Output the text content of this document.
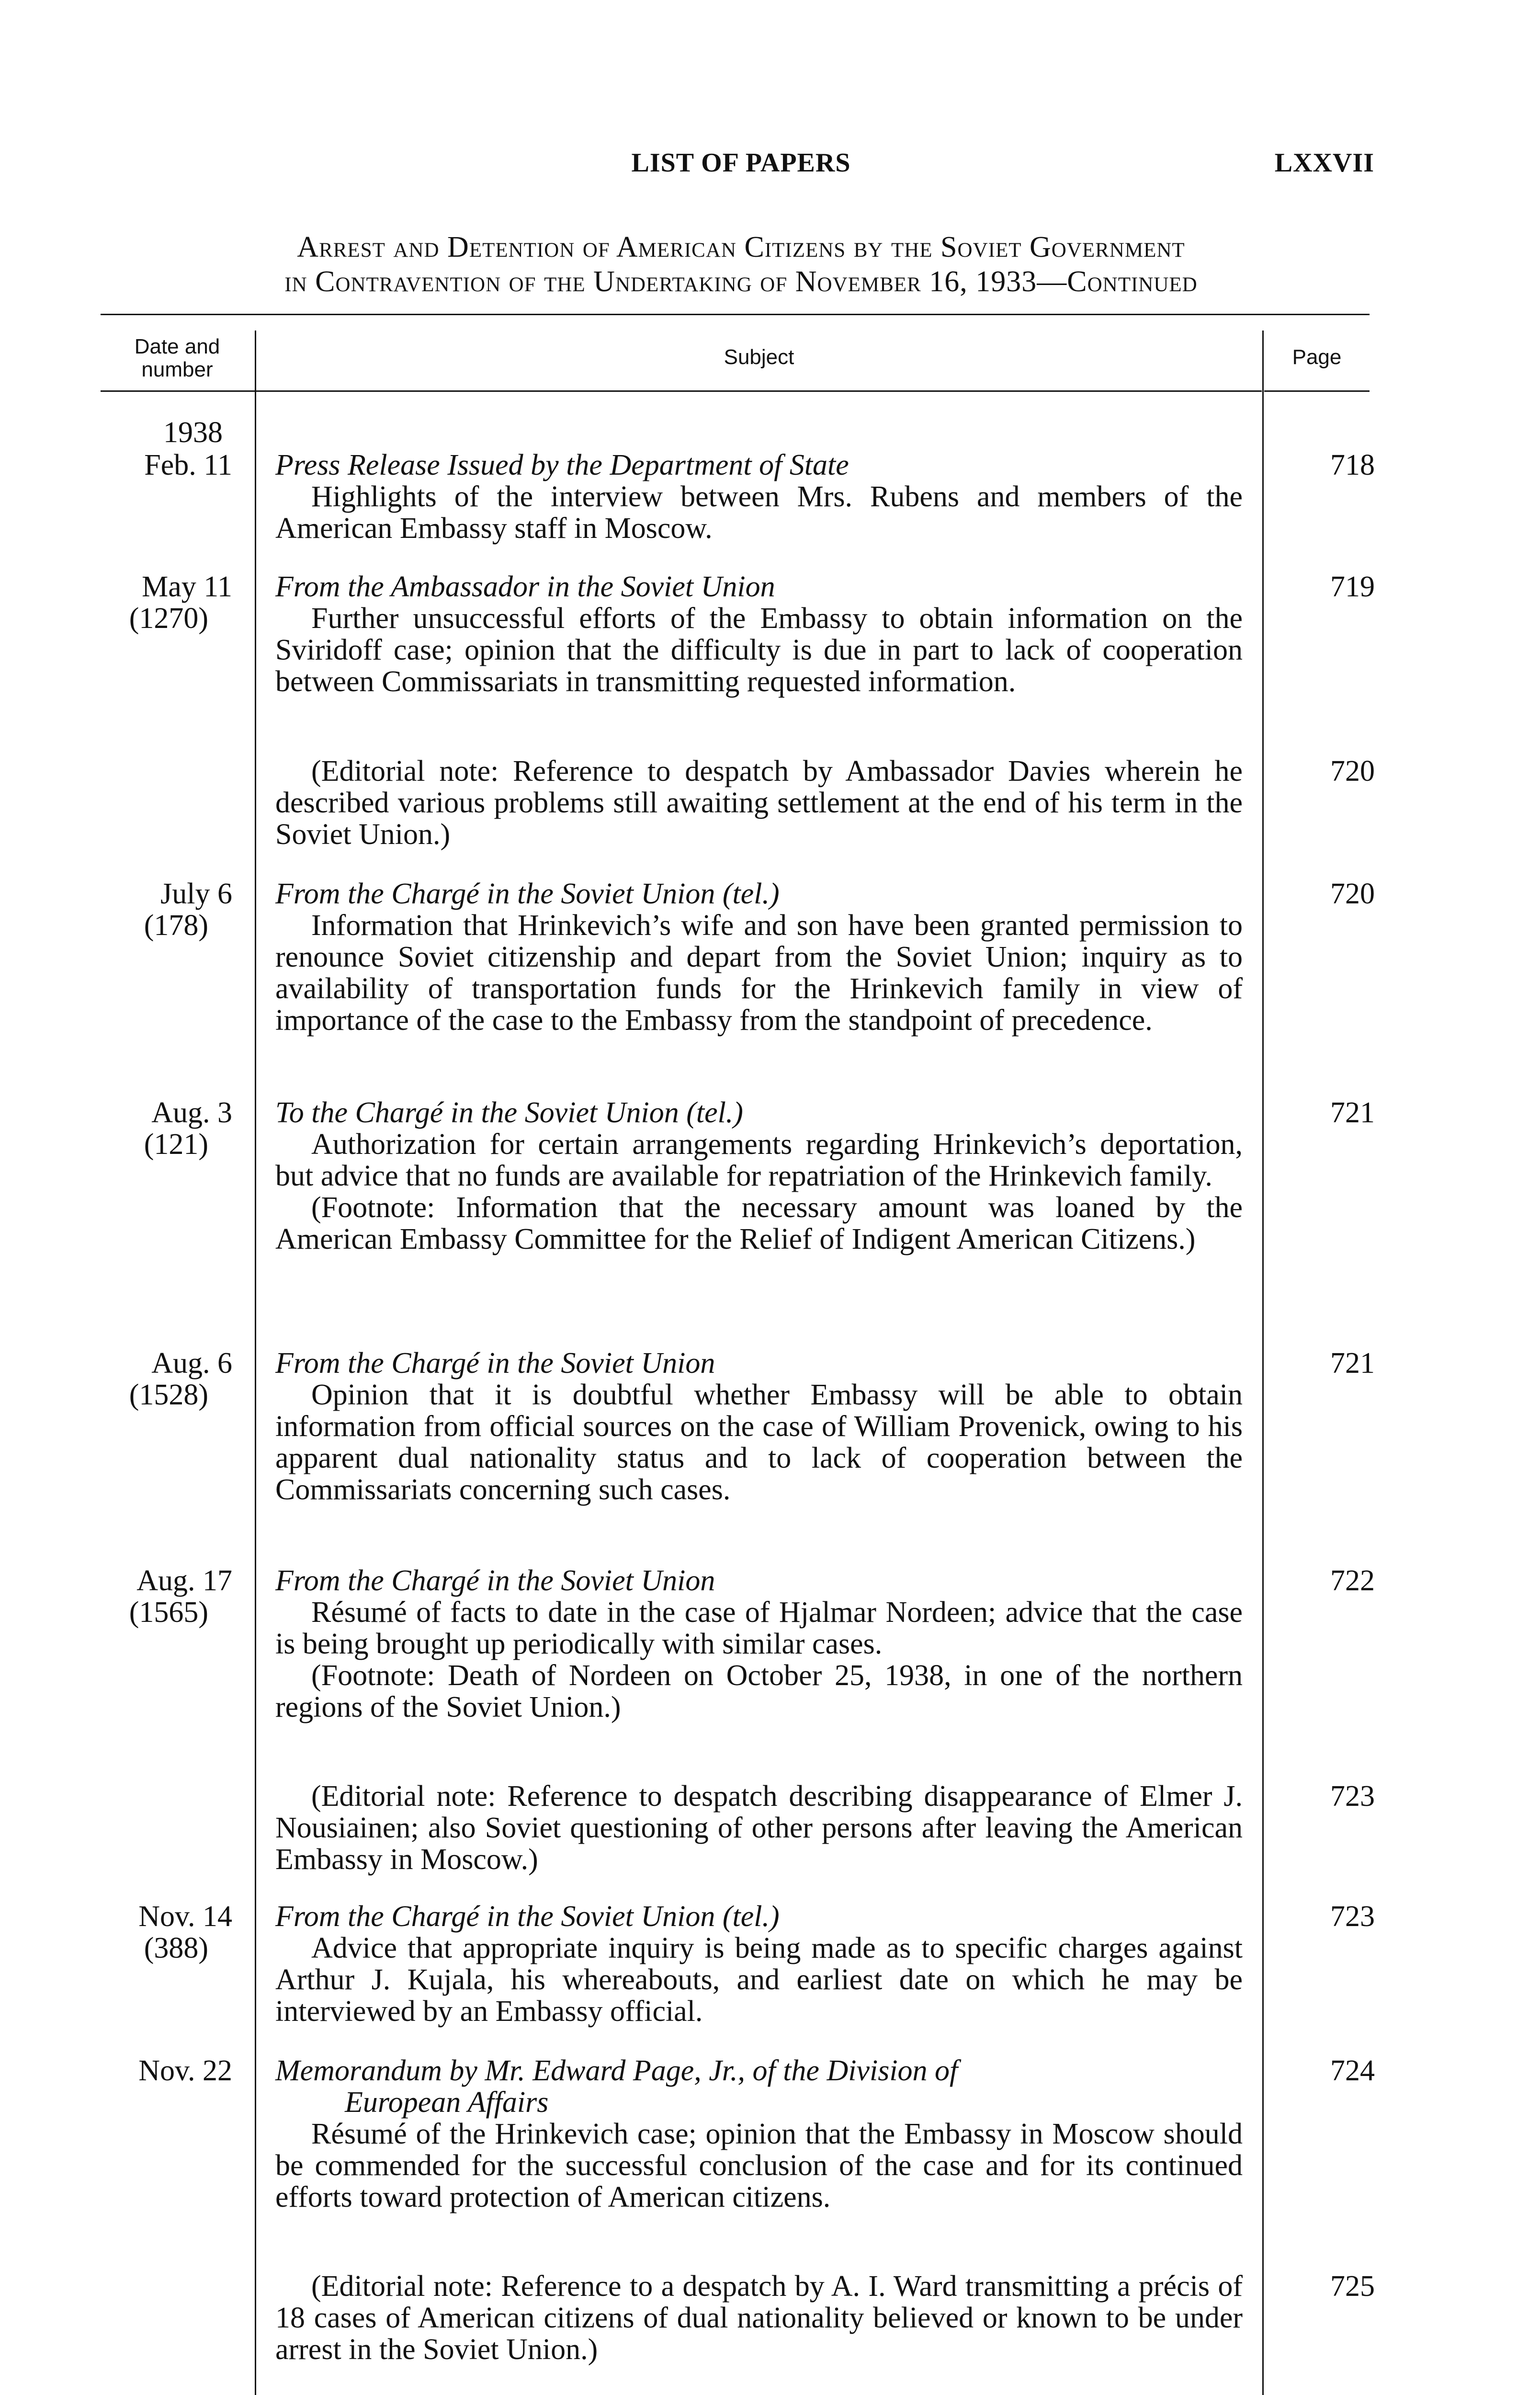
LIST OF PAPERS	LXXVII
Arrest and Detention of American Citizens by the Soviet Government
in Contravention of the Undertaking of November 16, 1933—Continued
Date and number
Subject	Page
1938
Feb. 11 Press Release Issued by the Department of State
Highlights of the interview between Mrs. Rubens and members of the American Embassy staff in Moscow.
718
May 11
(1270)
From the Ambassador in the Soviet Union
Further unsuccessful efforts of the Embassy to obtain information on the Sviridoff case; opinion that the difficulty is due in part to lack of cooperation between Commissariats in transmitting requested information.
719
(Editorial note: Reference to despatch by Ambassador Davies wherein he described various problems still awaiting settlement at the end of his term in the Soviet Union.)
720
July 6
(178)
From the Chargé in the Soviet Union (tel.)
Information that Hrinkevich’s wife and son have been granted permission to renounce Soviet citizenship and depart from the Soviet Union; inquiry as to availability of transportation funds for the Hrinkevich family in view of importance of the case to the Embassy from the standpoint of precedence.
720
Aug. 3
(121)
To the Chargé in the Soviet Union (tel.)
Authorization for certain arrangements regarding Hrinkevich’s deportation, but advice that no funds are available for repatriation of the Hrinkevich family.
(Footnote: Information that the necessary amount was loaned by the American Embassy Committee for the Relief of Indigent American Citizens.)
721
Aug. 6
(1528)
From the Chargé in the Soviet Union
Opinion that it is doubtful whether Embassy will be able to obtain information from official sources on the case of William Provenick, owing to his apparent dual nationality status and to lack of cooperation between the Commissariats concerning such cases.
721
Aug. 17
(1565)
From the Chargé in the Soviet Union
Résumé of facts to date in the case of Hjalmar Nordeen; advice that the case is being brought up periodically with similar cases.
(Footnote: Death of Nordeen on October 25, 1938, in one of the northern regions of the Soviet Union.)
722
(Editorial note: Reference to despatch describing disappearance of Elmer J. Nousiainen; also Soviet questioning of other persons after leaving the American Embassy in Moscow.)
723
Nov. 14
(388)
From the Chargé in the Soviet Union (tel.)
Advice that appropriate inquiry is being made as to specific charges against Arthur J. Kujala, his whereabouts, and earliest date on which he may be interviewed by an Embassy official.
723
Nov. 22 Memorandum by Mr. Edward Page, Jr., of the Division of
European Affairs
Résumé of the Hrinkevich case; opinion that the Embassy in Moscow should be commended for the successful conclusion of the case and for its continued efforts toward protection of American citizens.
724
(Editorial note: Reference to a despatch by A. I. Ward transmitting a précis of 18 cases of American citizens of dual nationality believed or known to be under arrest in the Soviet Union.)
725
